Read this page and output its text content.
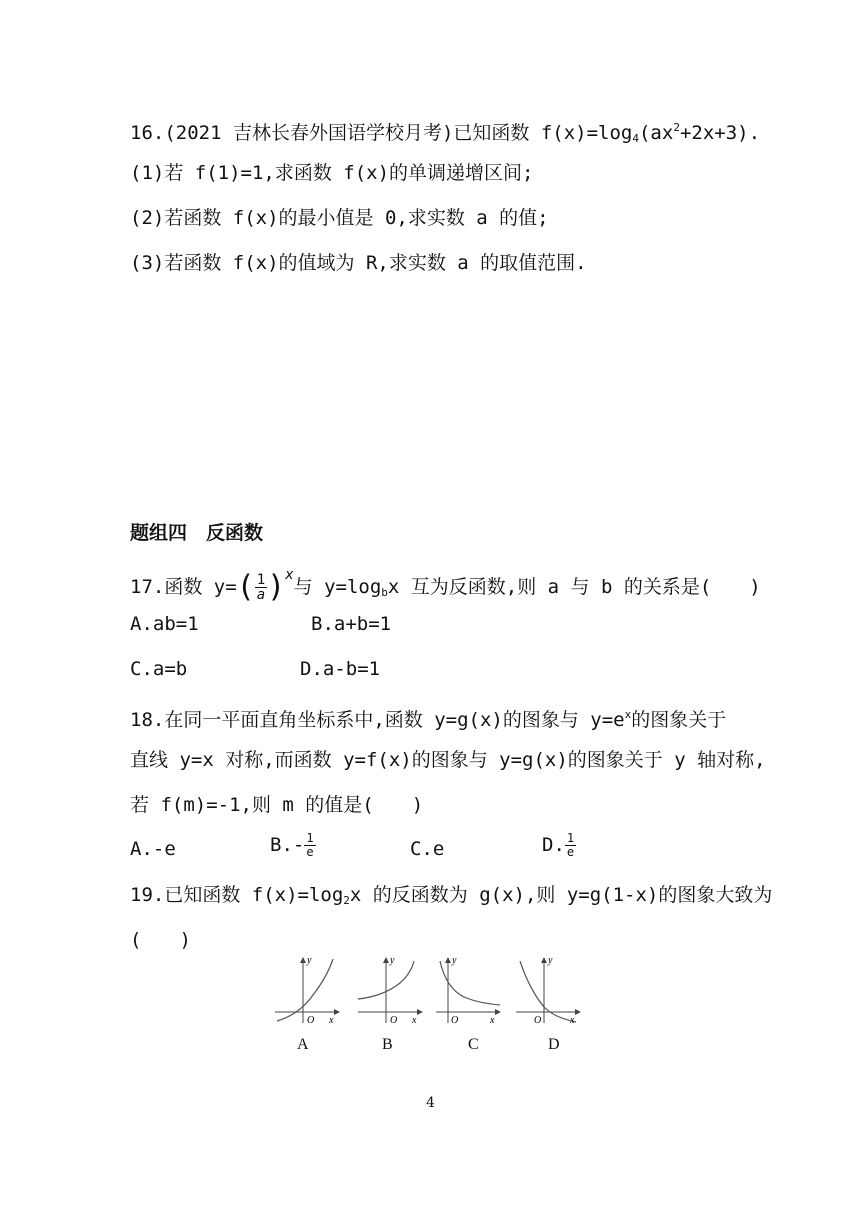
16.(2021 吉林长春外国语学校月考)已知函数 $f(x)=\log_4(ax^2+2x+3)$.
(1)若 f(1)=1,求函数 f(x)的单调递增区间;
(2)若函数 f(x)的最小值是 0,求实数 a 的值;
(3)若函数 f(x)的值域为 R,求实数 a 的取值范围.
题组四　反函数
17.函数 $y=( \frac{1}{a} )^x$与 $y=\log_bx$ 互为反函数,则 a 与 b 的关系是(　　)
A.ab=1	B.a+b=1
C.a=b	D.a-b=1
18.在同一平面直角坐标系中,函数 y=g(x)的图象与 $y=e^x$的图象关于
直线 y=x 对称,而函数 y=f(x)的图象与 y=g(x)的图象关于 y 轴对称,
若 f(m)=-1,则 m 的值是(　　)
A.-e	$B.- \frac{1}{e}$	C.e	D. $\frac{1}{e}$
19.已知函数 $f(x)=\log_2x$ 的反函数为 g(x),则 y=g(1-x)的图象大致为
(　　)
y
x
O
A
y
x
O
B
y
x
O
C
y
x
O
D
4
